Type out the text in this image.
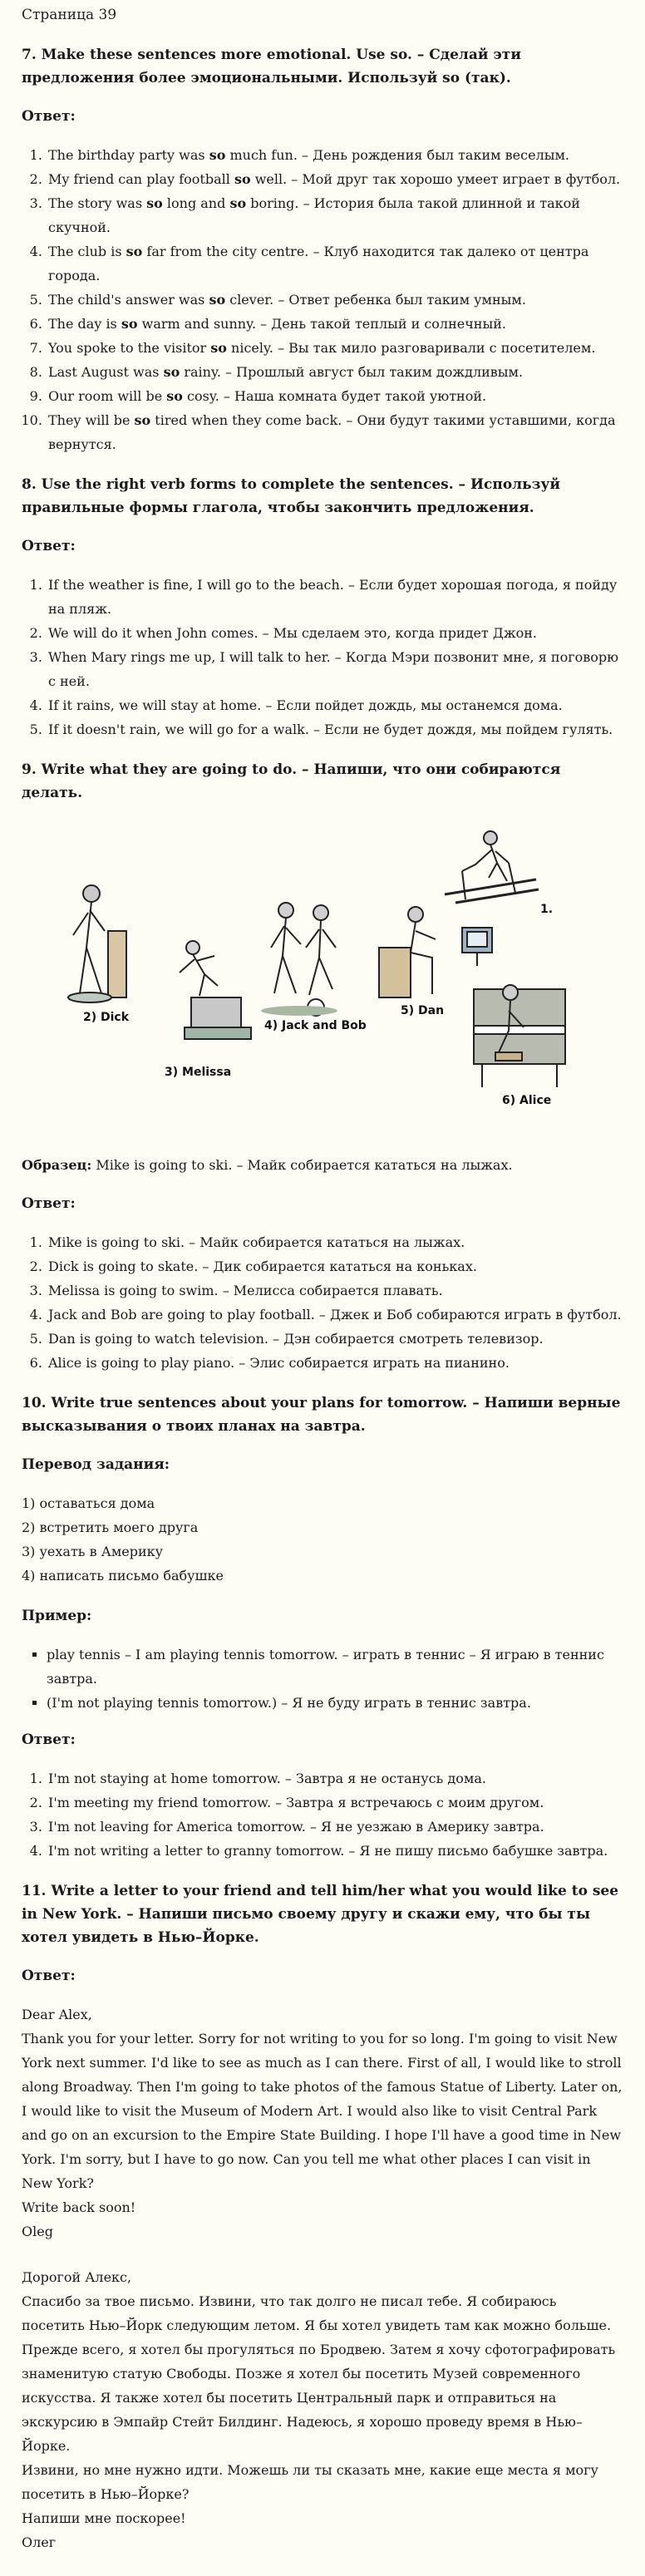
Страница 39
7. Make these sentences more emotional. Use so. – Сделай эти предложения более эмоциональными. Используй so (так).
Ответ:
1. The birthday party was so much fun. – День рождения был таким веселым.
2. My friend can play football so well. – Мой друг так хорошо умеет играет в футбол.
3. The story was so long and so boring. – История была такой длинной и такой скучной.
4. The club is so far from the city centre. – Клуб находится так далеко от центра города.
5. The child's answer was so clever. – Ответ ребенка был таким умным.
6. The day is so warm and sunny. – День такой теплый и солнечный.
7. You spoke to the visitor so nicely. – Вы так мило разговаривали с посетителем.
8. Last August was so rainy. – Прошлый август был таким дождливым.
9. Our room will be so cosy. – Наша комната будет такой уютной.
10. They will be so tired when they come back. – Они будут такими уставшими, когда вернутся.
8. Use the right verb forms to complete the sentences. – Используй правильные формы глагола, чтобы закончить предложения.
Ответ:
1. If the weather is fine, I will go to the beach. – Если будет хорошая погода, я пойду на пляж.
2. We will do it when John comes. – Мы сделаем это, когда придет Джон.
3. When Mary rings me up, I will talk to her. – Когда Мэри позвонит мне, я поговорю с ней.
4. If it rains, we will stay at home. – Если пойдет дождь, мы останемся дома.
5. If it doesn't rain, we will go for a walk. – Если не будет дождя, мы пойдем гулять.
9. Write what they are going to do. – Напиши, что они собираются делать.
1.
2) Dick
3) Melissa
4) Jack and Bob
5) Dan
6) Alice
Образец: Mike is going to ski. – Майк собирается кататься на лыжах.
Ответ:
1. Mike is going to ski. – Майк собирается кататься на лыжах.
2. Dick is going to skate. – Дик собирается кататься на коньках.
3. Melissa is going to swim. – Мелисса собирается плавать.
4. Jack and Bob are going to play football. – Джек и Боб собираются играть в футбол.
5. Dan is going to watch television. – Дэн собирается смотреть телевизор.
6. Alice is going to play piano. – Элис собирается играть на пианино.
10. Write true sentences about your plans for tomorrow. – Напиши верные высказывания о твоих планах на завтра.
Перевод задания:
1) оставаться дома
2) встретить моего друга
3) уехать в Америку
4) написать письмо бабушке
Пример:
▪ play tennis – I am playing tennis tomorrow. – играть в теннис – Я играю в теннис завтра.
▪ (I'm not playing tennis tomorrow.) – Я не буду играть в теннис завтра.
Ответ:
1. I'm not staying at home tomorrow. – Завтра я не останусь дома.
2. I'm meeting my friend tomorrow. – Завтра я встречаюсь с моим другом.
3. I'm not leaving for America tomorrow. – Я не уезжаю в Америку завтра.
4. I'm not writing a letter to granny tomorrow. – Я не пишу письмо бабушке завтра.
11. Write a letter to your friend and tell him/her what you would like to see in New York. – Напиши письмо своему другу и скажи ему, что бы ты хотел увидеть в Нью–Йорке.
Ответ:

Dear Alex,

Thank you for your letter. Sorry for not writing to you for so long. I'm going to visit New York next summer. I'd like to see as much as I can there. First of all, I would like to stroll along Broadway. Then I'm going to take photos of the famous Statue of Liberty. Later on, I would like to visit the Museum of Modern Art. I would also like to visit Central Park and go on an excursion to the Empire State Building. I hope I'll have a good time in New York. I'm sorry, but I have to go now. Can you tell me what other places I can visit in New York?

Write back soon!

Oleg

Дорогой Алекс,

Спасибо за твое письмо. Извини, что так долго не писал тебе. Я собираюсь посетить Нью–Йорк следующим летом. Я бы хотел увидеть там как можно больше. Прежде всего, я хотел бы прогуляться по Бродвею. Затем я хочу сфотографировать знаменитую статую Свободы. Позже я хотел бы посетить Музей современного искусства. Я также хотел бы посетить Центральный парк и отправиться на экскурсию в Эмпайр Стейт Билдинг. Надеюсь, я хорошо проведу время в Нью–Йорке.

Извини, но мне нужно идти. Можешь ли ты сказать мне, какие еще места я могу посетить в Нью–Йорке?

Напиши мне поскорее!

Олег
